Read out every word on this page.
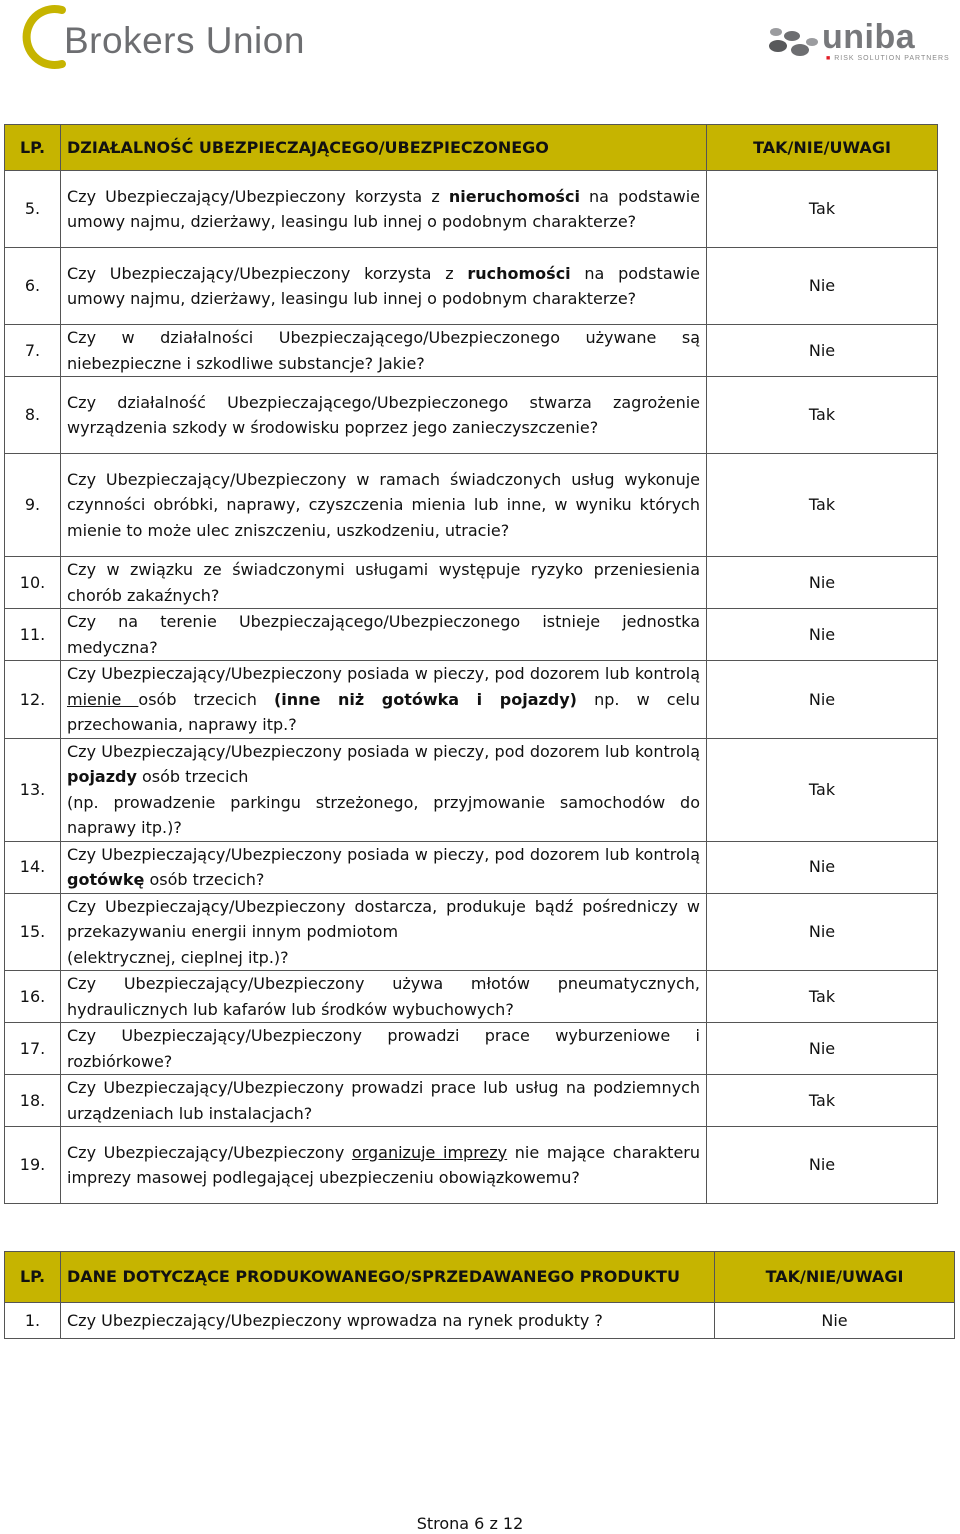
Brokers Union	uniba
■ RISK SOLUTION PARTNERS
LP.	DZIAŁALNOŚĆ UBEZPIECZAJĄCEGO/UBEZPIECZONEGO	TAK/NIE/UWAGI
5.	Czy Ubezpieczający/Ubezpieczony korzysta z nieruchomości na podstawie umowy najmu, dzierżawy, leasingu lub innej o podobnym charakterze?	Tak
6.	Czy Ubezpieczający/Ubezpieczony korzysta z ruchomości na podstawie umowy najmu, dzierżawy, leasingu lub innej o podobnym charakterze?	Nie
7.	Czy w działalności Ubezpieczającego/Ubezpieczonego używane są niebezpieczne i szkodliwe substancje? Jakie?	Nie
8.	Czy działalność Ubezpieczającego/Ubezpieczonego stwarza zagrożenie wyrządzenia szkody w środowisku poprzez jego zanieczyszczenie?	Tak
9.	Czy Ubezpieczający/Ubezpieczony w ramach świadczonych usług wykonuje czynności obróbki, naprawy, czyszczenia mienia lub inne, w wyniku których mienie to może ulec zniszczeniu, uszkodzeniu, utracie?	Tak
10.	Czy w związku ze świadczonymi usługami występuje ryzyko przeniesienia chorób zakaźnych?	Nie
11.	Czy na terenie Ubezpieczającego/Ubezpieczonego istnieje jednostka medyczna?	Nie
12.	Czy Ubezpieczający/Ubezpieczony posiada w pieczy, pod dozorem lub kontrolą mienie osób trzecich (inne niż gotówka i pojazdy) np. w celu przechowania, naprawy itp.?	Nie
13.	Czy Ubezpieczający/Ubezpieczony posiada w pieczy, pod dozorem lub kontrolą pojazdy osób trzecich
(np. prowadzenie parkingu strzeżonego, przyjmowanie samochodów do naprawy itp.)?	Tak
14.	Czy Ubezpieczający/Ubezpieczony posiada w pieczy, pod dozorem lub kontrolą gotówkę osób trzecich?	Nie
15.	Czy Ubezpieczający/Ubezpieczony dostarcza, produkuje bądź pośredniczy w przekazywaniu energii innym podmiotom
(elektrycznej, cieplnej itp.)?	Nie
16.	Czy Ubezpieczający/Ubezpieczony używa młotów pneumatycznych, hydraulicznych lub kafarów lub środków wybuchowych?	Tak
17.	Czy Ubezpieczający/Ubezpieczony prowadzi prace wyburzeniowe i rozbiórkowe?	Nie
18.	Czy Ubezpieczający/Ubezpieczony prowadzi prace lub usług na podziemnych urządzeniach lub instalacjach?	Tak
19.	Czy Ubezpieczający/Ubezpieczony organizuje imprezy nie mające charakteru imprezy masowej podlegającej ubezpieczeniu obowiązkowemu?	Nie
LP.	DANE DOTYCZĄCE PRODUKOWANEGO/SPRZEDAWANEGO PRODUKTU	TAK/NIE/UWAGI
1.	Czy Ubezpieczający/Ubezpieczony wprowadza na rynek produkty ?	Nie
Strona 6 z 12
